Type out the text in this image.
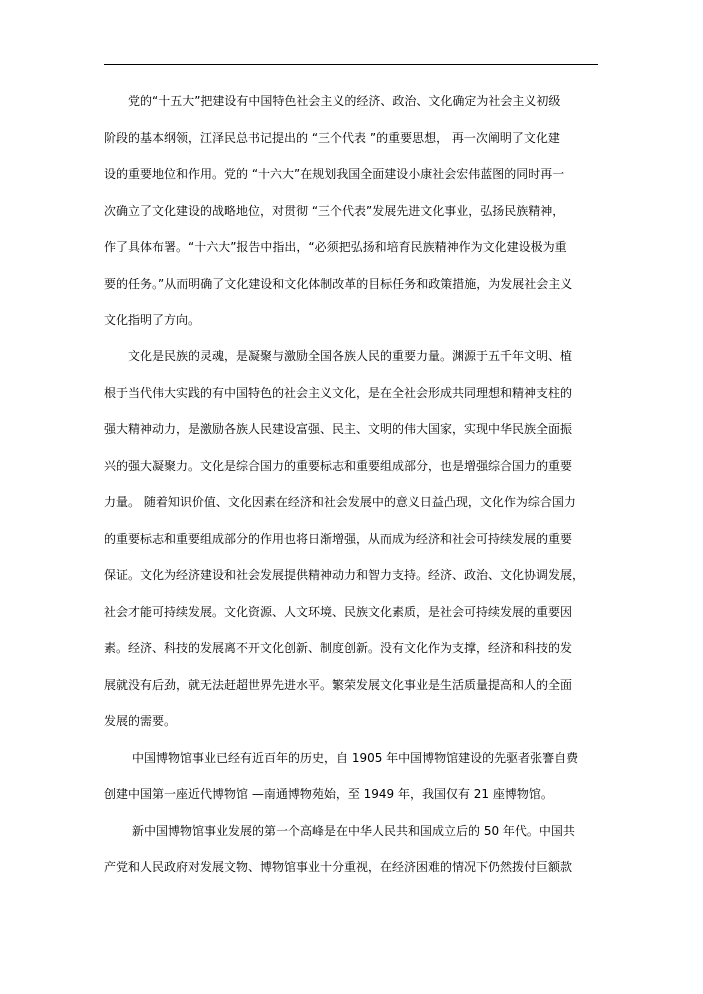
党的“十五大”把建设有中国特色社会主义的经济、政治、文化确定为社会主义初级
阶段的基本纲领，江泽民总书记提出的 “三个代表 ”的重要思想， 再一次阐明了文化建
设的重要地位和作用。党的 “十六大”在规划我国全面建设小康社会宏伟蓝图的同时再一
次确立了文化建设的战略地位，对贯彻 “三个代表”发展先进文化事业，弘扬民族精神，
作了具体布署。“十六大”报告中指出，“必须把弘扬和培育民族精神作为文化建设极为重
要的任务。”从而明确了文化建设和文化体制改革的目标任务和政策措施，为发展社会主义
文化指明了方向。
文化是民族的灵魂，是凝聚与激励全国各族人民的重要力量。渊源于五千年文明、植
根于当代伟大实践的有中国特色的社会主义文化，是在全社会形成共同理想和精神支柱的
强大精神动力，是激励各族人民建设富强、民主、文明的伟大国家，实现中华民族全面振
兴的强大凝聚力。文化是综合国力的重要标志和重要组成部分，也是增强综合国力的重要
力量。 随着知识价值、文化因素在经济和社会发展中的意义日益凸现，文化作为综合国力
的重要标志和重要组成部分的作用也将日渐增强，从而成为经济和社会可持续发展的重要
保证。文化为经济建设和社会发展提供精神动力和智力支持。经济、政治、文化协调发展，
社会才能可持续发展。文化资源、人文环境、民族文化素质，是社会可持续发展的重要因
素。经济、科技的发展离不开文化创新、制度创新。没有文化作为支撑，经济和科技的发
展就没有后劲，就无法赶超世界先进水平。繁荣发展文化事业是生活质量提高和人的全面
发展的需要。
中国博物馆事业已经有近百年的历史，自 1905 年中国博物馆建设的先驱者张謇自费
创建中国第一座近代博物馆 —南通博物苑始，至 1949 年，我国仅有 21 座博物馆。
新中国博物馆事业发展的第一个高峰是在中华人民共和国成立后的 50 年代。中国共
产党和人民政府对发展文物、博物馆事业十分重视，在经济困难的情况下仍然拨付巨额款
